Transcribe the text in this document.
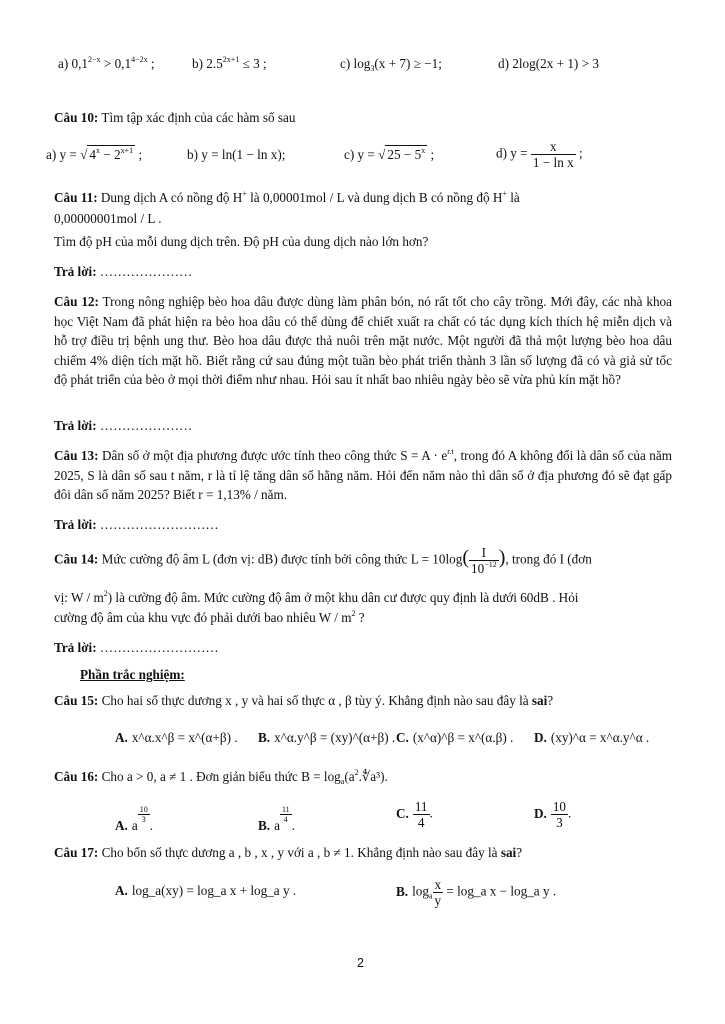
a) $0,1^{2-x} > 0,1^{4-2x}$ ;	b) $2.5^{2x+1} \le 3$ ;	c) $\log_3(x + 7) \ge -1$;	d) 2log(2x + 1) > 3
Câu 10: Tìm tập xác định của các hàm số sau
a) y = √ $4^x - 2^{x+1}$ ;	b) y = ln(1 − ln x);	c) y = √ $25 - 5^x$ ;	d) $y = \frac{x}{\text{1 − ln x}}$ ;
Câu 11: Dung dịch A có nồng độ H+ là 0,00001mol / L và dung dịch B có nồng độ H+ là
0,00000001mol / L .
Tìm độ pH của mỗi dung dịch trên. Độ pH của dung dịch nào lớn hơn?
Trả lời: …………………
Câu 12: Trong nông nghiệp bèo hoa dâu được dùng làm phân bón, nó rất tốt cho cây trồng. Mới đây, các nhà khoa học Việt Nam đã phát hiện ra bèo hoa dâu có thể dùng để chiết xuất ra chất có tác dụng kích thích hệ miễn dịch và hỗ trợ điều trị bệnh ung thư. Bèo hoa dâu được thả nuôi trên mặt nước. Một người đã thả một lượng bèo hoa dâu chiếm 4% diện tích mặt hồ. Biết rằng cứ sau đúng một tuần bèo phát triển thành 3 lần số lượng đã có và giả sử tốc độ phát triển của bèo ở mọi thời điểm như nhau. Hỏi sau ít nhất bao nhiêu ngày bèo sẽ vừa phủ kín mặt hồ?
Trả lời: …………………
Câu 13: Dân số ở một địa phương được ước tính theo công thức $S = A \cdot e^{r.t}$, trong đó A không đổi là dân số của năm 2025, S là dân số sau t năm, r là tỉ lệ tăng dân số hằng năm. Hỏi đến năm nào thì dân số ở địa phương đó sẽ đạt gấp đôi dân số năm 2025? Biết r = 1,13% / năm.
Trả lời: ………………………
Câu 14: Mức cường độ âm L (đơn vị: dB) được tính bởi công thức $L = 10\log( \frac{I}{10^{-12}}$ ), trong đó I (đơn
vị: W / $m^2$) là cường độ âm. Mức cường độ âm ở một khu dân cư được quy định là dưới 60dB . Hỏi
cường độ âm của khu vực đó phải dưới bao nhiêu W / $m^2$ ?
Trả lời: ………………………
Phần trắc nghiệm:
Câu 15: Cho hai số thực dương x , y và hai số thực α , β tùy ý. Khẳng định nào sau đây là sai?
A. x^α.x^β = x^(α+β) . B. x^α.y^β = (xy)^(α+β) . C. (x^α)^β = x^(α.β) . D. (xy)^α = x^α.y^α .
Câu 16: Cho a > 0, a ≠ 1 . Đơn giản biểu thức $B = \log_a(a^2.∜a^3)$.
A. a
$\frac{10}{3}$
.	B. a
$\frac{11}{4}$
.
C. $\frac{11}{4}$ .	D. $\frac{10}{3}$ .
Câu 17: Cho bốn số thực dương a , b , x , y với a , b ≠ 1. Khẳng định nào sau đây là sai?
A. log_a(xy) = log_a x + log_a y .	B. $\log_a \frac{x}{y}$ = log_a x − log_a y .
2
